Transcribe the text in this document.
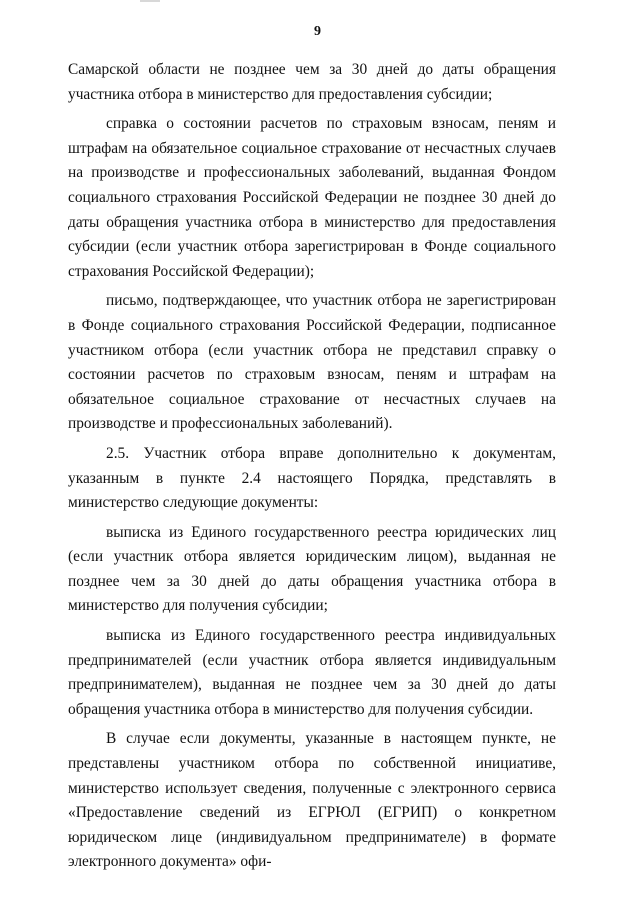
9

Самарской области не позднее чем за 30 дней до даты обращения участника отбора в министерство для предоставления субсидии;

справка о состоянии расчетов по страховым взносам, пеням и штрафам на обязательное социальное страхование от несчастных случаев на производстве и профессиональных заболеваний, выданная Фондом социального страхования Российской Федерации не позднее 30 дней до даты обращения участника отбора в министерство для предоставления субсидии (если участник отбора зарегистрирован в Фонде социального страхования Российской Федерации);

письмо, подтверждающее, что участник отбора не зарегистрирован в Фонде социального страхования Российской Федерации, подписанное участником отбора (если участник отбора не представил справку о состоянии расчетов по страховым взносам, пеням и штрафам на обязательное социальное страхование от несчастных случаев на производстве и профессиональных заболеваний).

2.5. Участник отбора вправе дополнительно к документам, указанным в пункте 2.4 настоящего Порядка, представлять в министерство следующие документы:

выписка из Единого государственного реестра юридических лиц (если участник отбора является юридическим лицом), выданная не позднее чем за 30 дней до даты обращения участника отбора в министерство для получения субсидии;

выписка из Единого государственного реестра индивидуальных предпринимателей (если участник отбора является индивидуальным предпринимателем), выданная не позднее чем за 30 дней до даты обращения участника отбора в министерство для получения субсидии.

В случае если документы, указанные в настоящем пункте, не представлены участником отбора по собственной инициативе, министерство использует сведения, полученные с электронного сервиса «Предоставление сведений из ЕГРЮЛ (ЕГРИП) о конкретном юридическом лице (индивидуальном предпринимателе) в формате электронного документа» офи-
